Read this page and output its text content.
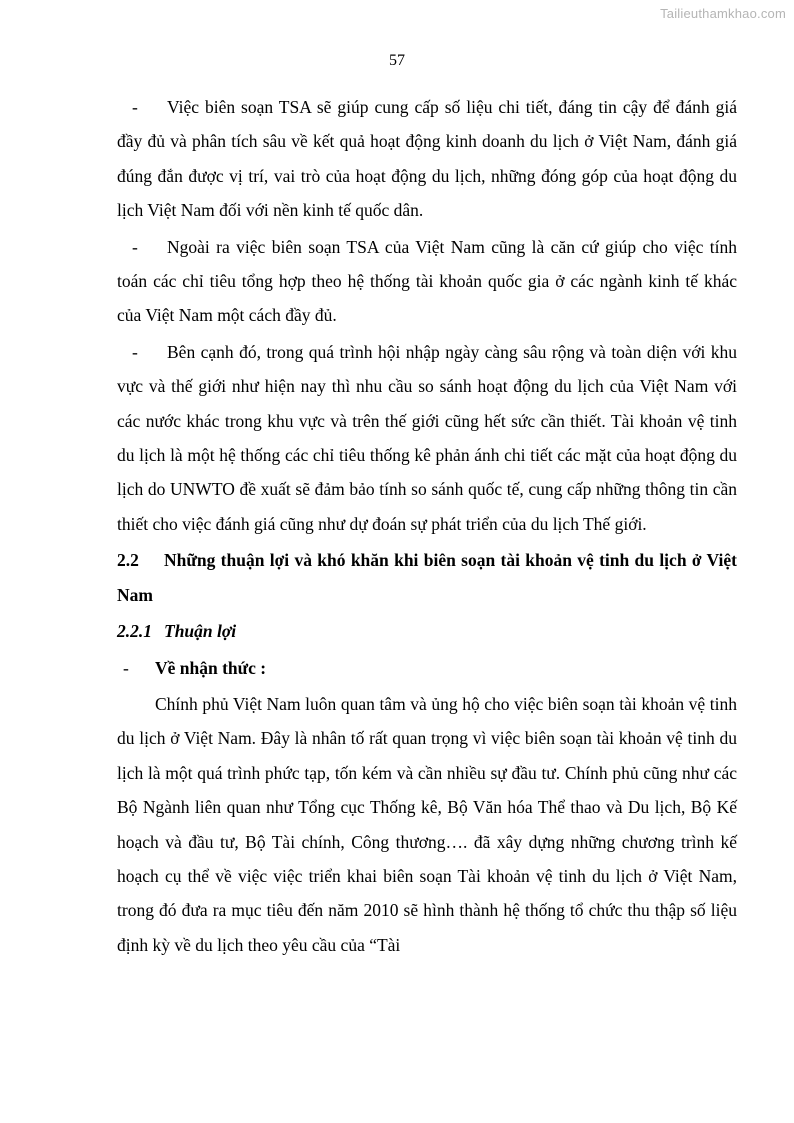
Tailieuthamkhao.com
57

- Việc biên soạn TSA sẽ giúp cung cấp số liệu chi tiết, đáng tin cậy để đánh giá đầy đủ và phân tích sâu về kết quả hoạt động kinh doanh du lịch ở Việt Nam, đánh giá đúng đắn được vị trí, vai trò của hoạt động du lịch, những đóng góp của hoạt động du lịch Việt Nam đối với nền kinh tế quốc dân.

- Ngoài ra việc biên soạn TSA của Việt Nam cũng là căn cứ giúp cho việc tính toán các chỉ tiêu tổng hợp theo hệ thống tài khoản quốc gia ở các ngành kinh tế khác của Việt Nam một cách đầy đủ.

- Bên cạnh đó, trong quá trình hội nhập ngày càng sâu rộng và toàn diện với khu vực và thế giới như hiện nay thì nhu cầu so sánh hoạt động du lịch của Việt Nam với các nước khác trong khu vực và trên thế giới cũng hết sức cần thiết. Tài khoản vệ tinh du lịch là một hệ thống các chỉ tiêu thống kê phản ánh chi tiết các mặt của hoạt động du lịch do UNWTO đề xuất sẽ đảm bảo tính so sánh quốc tế, cung cấp những thông tin cần thiết cho việc đánh giá cũng như dự đoán sự phát triển của du lịch Thế giới.

2.2 Những thuận lợi và khó khăn khi biên soạn tài khoản vệ tinh du lịch ở Việt Nam

2.2.1 Thuận lợi

- Về nhận thức :

Chính phủ Việt Nam luôn quan tâm và ủng hộ cho việc biên soạn tài khoản vệ tinh du lịch ở Việt Nam. Đây là nhân tố rất quan trọng vì việc biên soạn tài khoản vệ tinh du lịch là một quá trình phức tạp, tốn kém và cần nhiều sự đầu tư. Chính phủ cũng như các Bộ Ngành liên quan như Tổng cục Thống kê, Bộ Văn hóa Thể thao và Du lịch, Bộ Kế hoạch và đầu tư, Bộ Tài chính, Công thương…. đã xây dựng những chương trình kế hoạch cụ thể về việc việc triển khai biên soạn Tài khoản vệ tinh du lịch ở Việt Nam, trong đó đưa ra mục tiêu đến năm 2010 sẽ hình thành hệ thống tổ chức thu thập số liệu định kỳ về du lịch theo yêu cầu của “Tài
